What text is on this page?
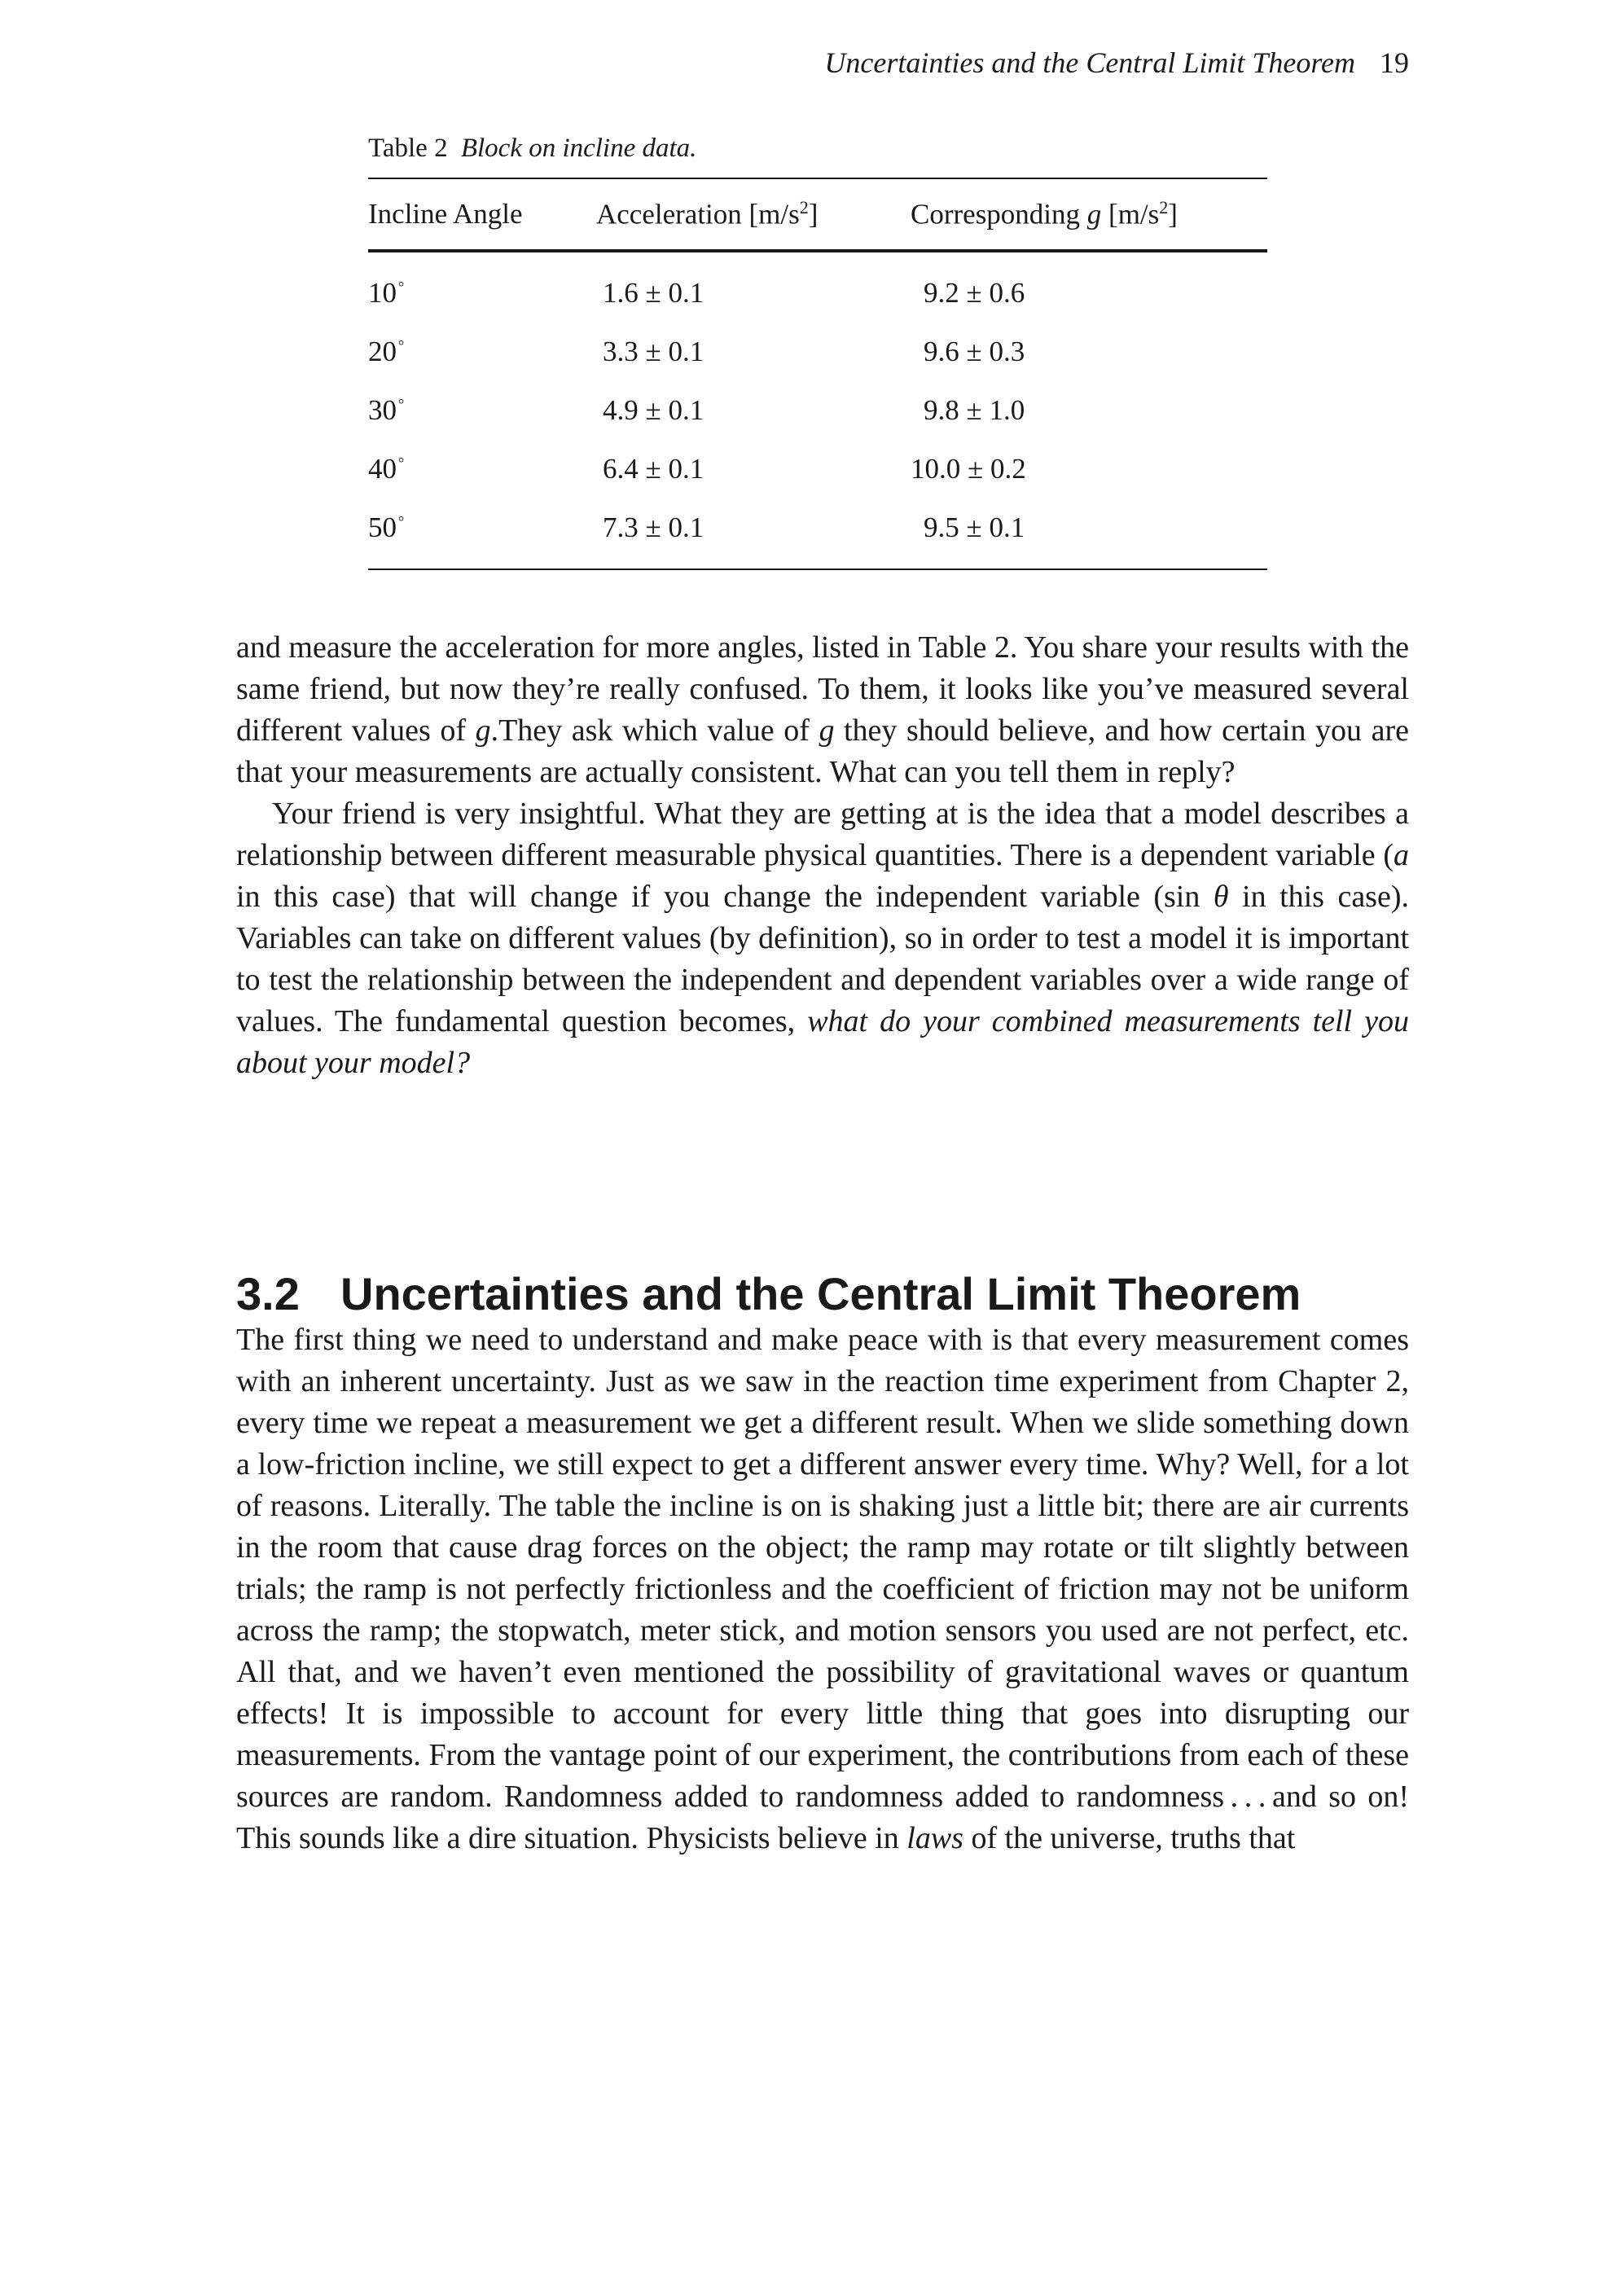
Uncertainties and the Central Limit Theorem 19
Table 2 Block on incline data.
Incline Angle	Acceleration $[m/s^2]$	Corresponding g $[m/s^2]$
10 °	1.6 ± 0.1	9.2 ± 0.6
20 °	3.3 ± 0.1	9.6 ± 0.3
30 °	4.9 ± 0.1	9.8 ± 1.0
40 °	6.4 ± 0.1	10.0 ± 0.2
50 °	7.3 ± 0.1	9.5 ± 0.1

and measure the acceleration for more angles, listed in Table 2. You share your results with the same friend, but now they’re really confused. To them, it looks like you’ve measured several different values of g.They ask which value of g they should believe, and how certain you are that your measurements are actually consistent. What can you tell them in reply?

Your friend is very insightful. What they are getting at is the idea that a model describes a relationship between different measurable physical quantities. There is a dependent variable (a in this case) that will change if you change the independent variable (sin θ in this case). Variables can take on different values (by definition), so in order to test a model it is important to test the relationship between the independent and dependent variables over a wide range of values. The fundamental question becomes, what do your combined measurements tell you about your model?

3.2 Uncertainties and the Central Limit Theorem

The first thing we need to understand and make peace with is that every measurement comes with an inherent uncertainty. Just as we saw in the reaction time experiment from Chapter 2, every time we repeat a measurement we get a different result. When we slide something down a low-friction incline, we still expect to get a different answer every time. Why? Well, for a lot of reasons. Literally. The table the incline is on is shaking just a little bit; there are air currents in the room that cause drag forces on the object; the ramp may rotate or tilt slightly between trials; the ramp is not perfectly frictionless and the coefficient of friction may not be uniform across the ramp; the stopwatch, meter stick, and motion sensors you used are not perfect, etc. All that, and we haven’t even mentioned the possibility of gravitational waves or quantum effects! It is impossible to account for every little thing that goes into disrupting our measurements. From the vantage point of our experiment, the contributions from each of these sources are random. Randomness added to randomness added to randomness . . . and so on! This sounds like a dire situation. Physicists believe in laws of the universe, truths that
